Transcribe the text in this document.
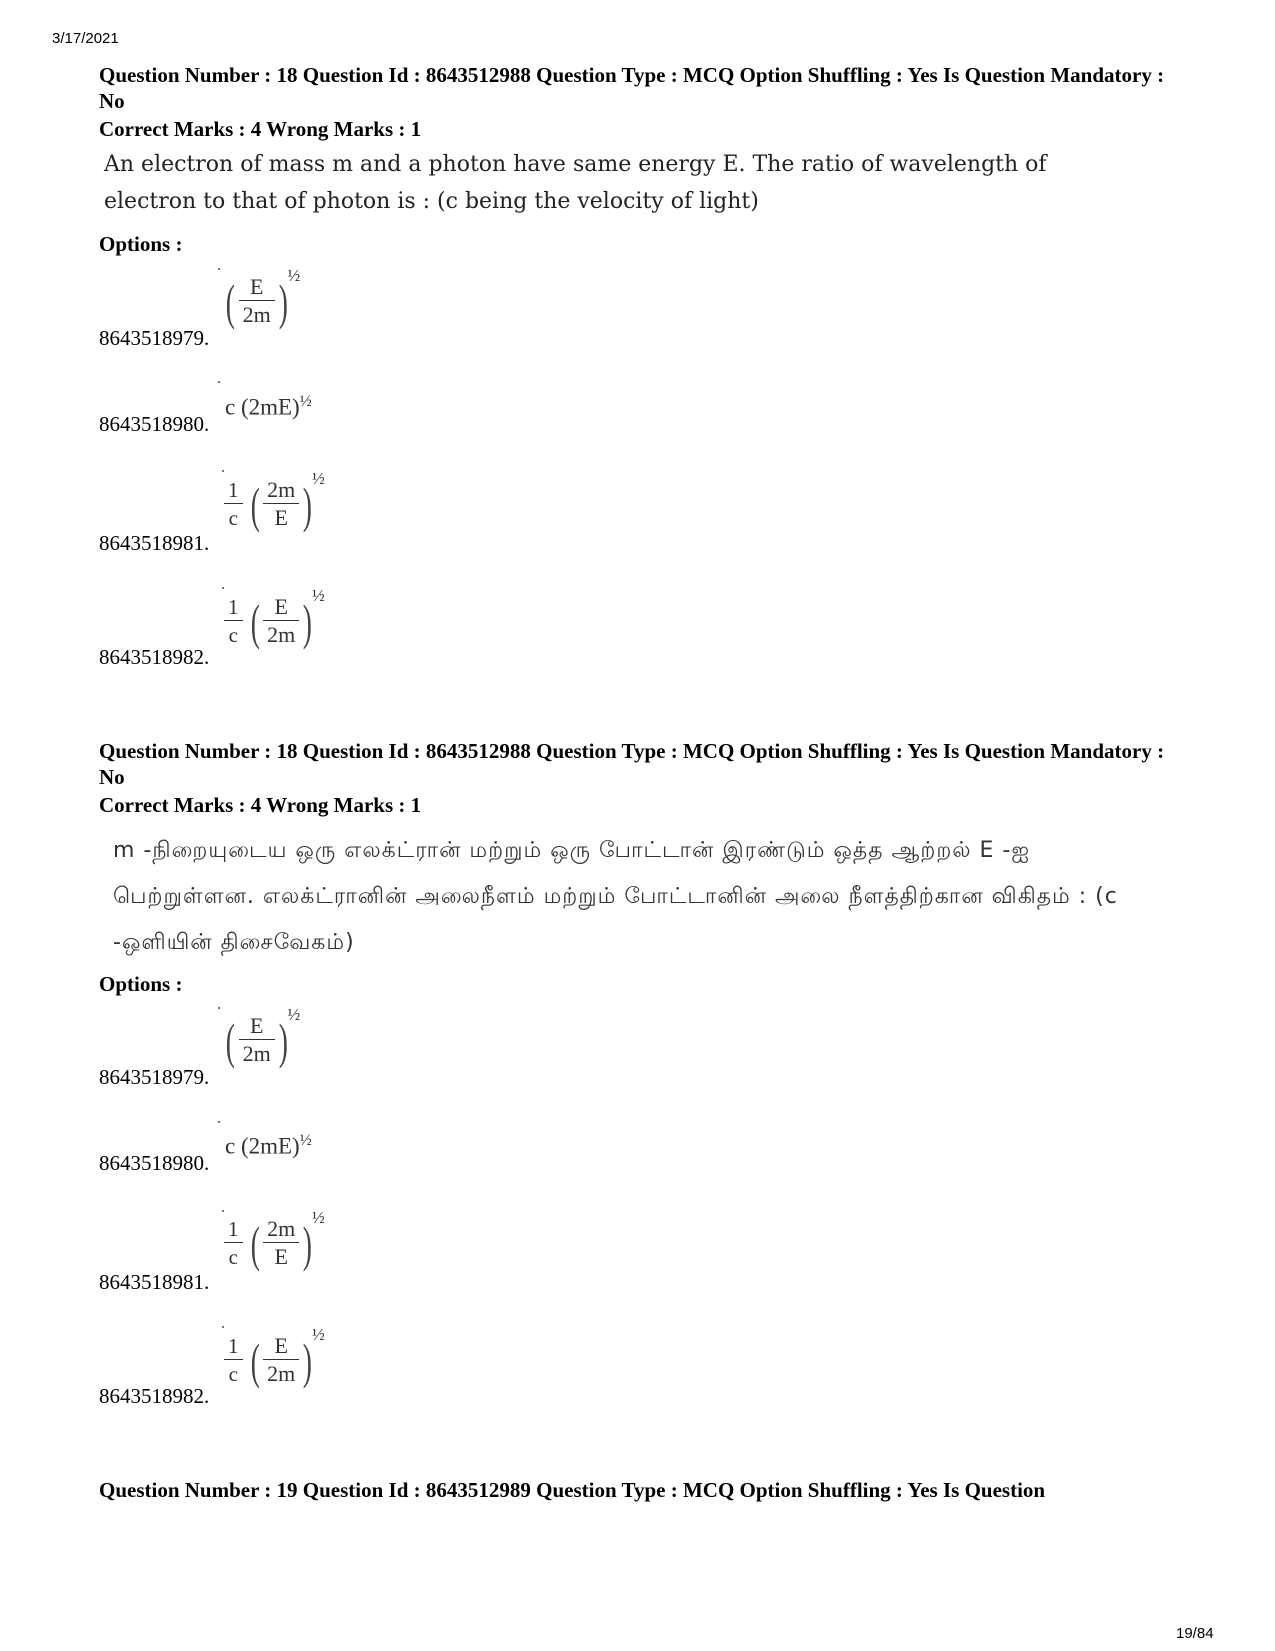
3/17/2021
Question Number : 18 Question Id : 8643512988 Question Type : MCQ Option Shuffling : Yes Is Question Mandatory : No
Correct Marks : 4 Wrong Marks : 1
An electron of mass m and a photon have same energy E. The ratio of wavelength of electron to that of photon is : (c being the velocity of light)
Options :
8643518979.
( $\frac{E}{2m}$ )½
8643518980.
c $(2mE)^{\frac{1}{2}}$
8643518981.
$\frac{1}{c}$ ( $\frac{2m}{E}$ )½
8643518982.
$\frac{1}{c}$ ( $\frac{E}{2m}$ )½
Question Number : 18 Question Id : 8643512988 Question Type : MCQ Option Shuffling : Yes Is Question Mandatory : No
Correct Marks : 4 Wrong Marks : 1
m -நிறையுடைய ஒரு எலக்ட்ரான் மற்றும் ஒரு போட்டான் இரண்டும் ஒத்த ஆற்றல் E -ஐ பெற்றுள்ளன. எலக்ட்ரானின் அலைநீளம் மற்றும் போட்டானின் அலை நீளத்திற்கான விகிதம் : (c -ஒளியின் திசைவேகம்)
Options :
8643518979.
( $\frac{E}{2m}$ )½
8643518980.
c $(2mE)^{\frac{1}{2}}$
8643518981.
$\frac{1}{c}$ ( $\frac{2m}{E}$ )½
8643518982.
$\frac{1}{c}$ ( $\frac{E}{2m}$ )½
Question Number : 19 Question Id : 8643512989 Question Type : MCQ Option Shuffling : Yes Is Question
19/84
